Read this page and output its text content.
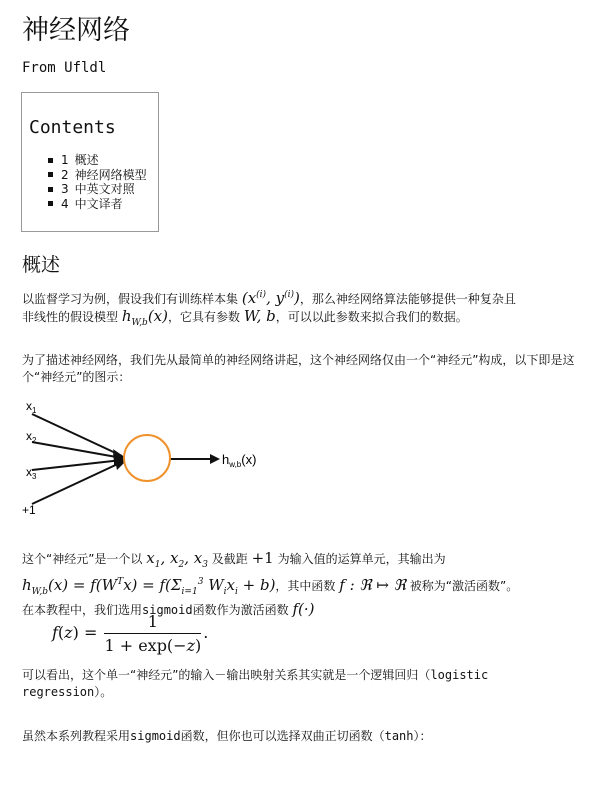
神经网络
From Ufldl
Contents
1 概述
2 神经网络模型
3 中英文对照
4 中文译者
概述
以监督学习为例，假设我们有训练样本集 ($x^{(i)}$, $y^{(i)}$)，那么神经网络算法能够提供一种复杂且
非线性的假设模型 $h_{W,b}(x)$，它具有参数 W, b，可以以此参数来拟合我们的数据。
为了描述神经网络，我们先从最简单的神经网络讲起，这个神经网络仅由一个“神经元”构成，以下即是这个“神经元”的图示：
$x_1$
$x_2$
$x_3$
+1
$h_{w,b}(x)$
这个“神经元”是一个以 $x_1$, $x_2$, $x_3$ 及截距 +1 为输入值的运算单元，其输出为
$h_{W,b}(x) = f(W^Tx) = f(\Sigma_{i=1}^3$ $W_ix_i + b$)，其中函数 f : ℜ ↦ ℜ 被称为“激活函数”。
在本教程中，我们选用sigmoid函数作为激活函数 f(·)
$f(z) = \frac{1}{1 + \exp(-z)}$ .
可以看出，这个单一“神经元”的输入－输出映射关系其实就是一个逻辑回归（logistic regression）。
虽然本系列教程采用sigmoid函数，但你也可以选择双曲正切函数（tanh）：
